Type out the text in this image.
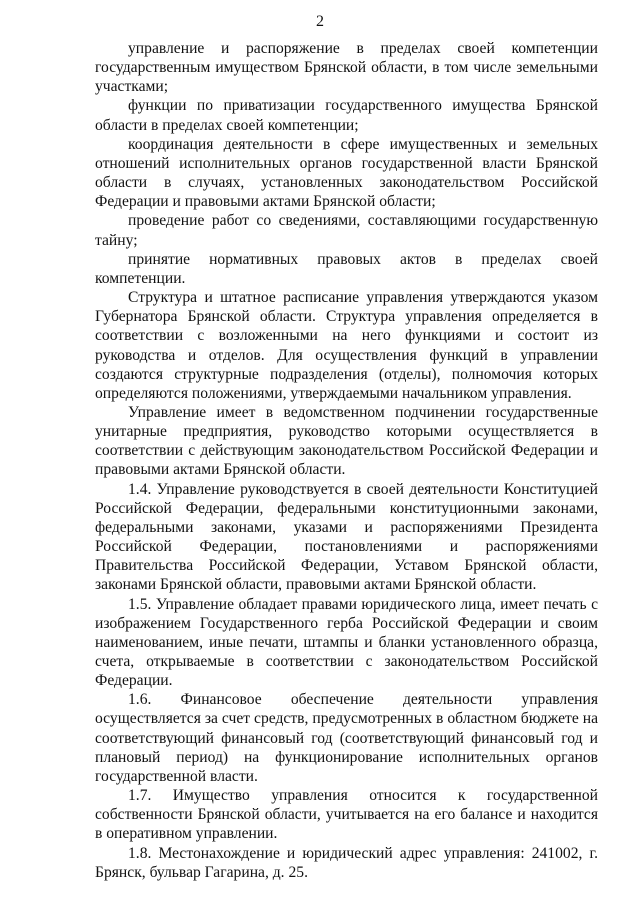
2

управление и распоряжение в пределах своей компетенции государственным имуществом Брянской области, в том числе земельными участками;

функции по приватизации государственного имущества Брянской области в пределах своей компетенции;

координация деятельности в сфере имущественных и земельных отношений исполнительных органов государственной власти Брянской области в случаях, установленных законодательством Российской Федерации и правовыми актами Брянской области;

проведение работ со сведениями, составляющими государственную тайну;

принятие нормативных правовых актов в пределах своей компетенции.

Структура и штатное расписание управления утверждаются указом Губернатора Брянской области. Структура управления определяется в соответствии с возложенными на него функциями и состоит из руководства и отделов. Для осуществления функций в управлении создаются структурные подразделения (отделы), полномочия которых определяются положениями, утверждаемыми начальником управления.

Управление имеет в ведомственном подчинении государственные унитарные предприятия, руководство которыми осуществляется в соответствии с действующим законодательством Российской Федерации и правовыми актами Брянской области.

1.4. Управление руководствуется в своей деятельности Конституцией Российской Федерации, федеральными конституционными законами, федеральными законами, указами и распоряжениями Президента Российской Федерации, постановлениями и распоряжениями Правительства Российской Федерации, Уставом Брянской области, законами Брянской области, правовыми актами Брянской области.

1.5. Управление обладает правами юридического лица, имеет печать с изображением Государственного герба Российской Федерации и своим наименованием, иные печати, штампы и бланки установленного образца, счета, открываемые в соответствии с законодательством Российской Федерации.

1.6. Финансовое обеспечение деятельности управления осуществляется за счет средств, предусмотренных в областном бюджете на соответствующий финансовый год (соответствующий финансовый год и плановый период) на функционирование исполнительных органов государственной власти.

1.7. Имущество управления относится к государственной собственности Брянской области, учитывается на его балансе и находится в оперативном управлении.

1.8. Местонахождение и юридический адрес управления: 241002, г. Брянск, бульвар Гагарина, д. 25.
